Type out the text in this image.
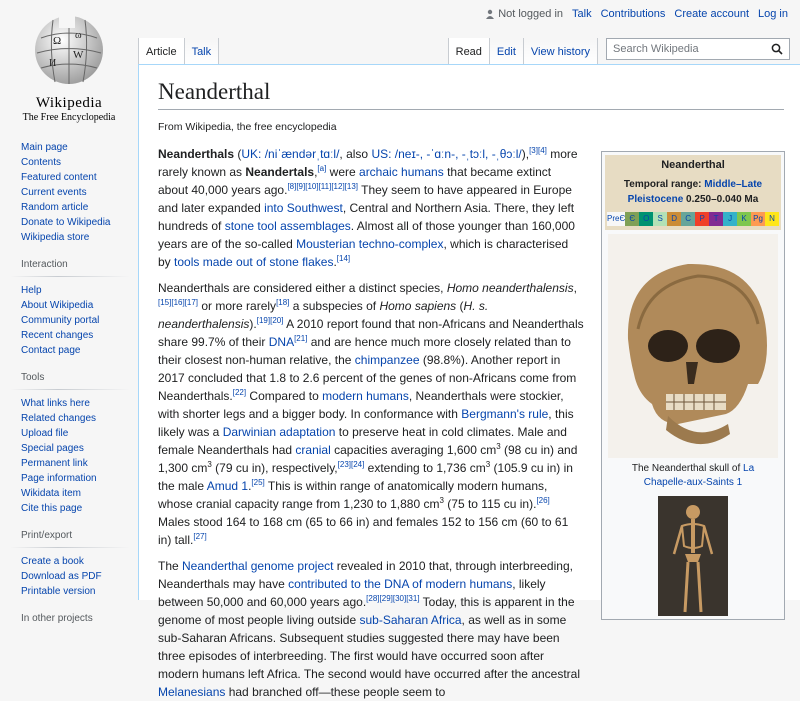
Ω
W
И
ω
Wikipedia
The Free Encyclopedia
Not logged in Talk Contributions Create account Log in
Article	Talk	Read	Edit	View history	Search Wikipedia
Main page
Contents
Featured content
Current events
Random article
Donate to Wikipedia
Wikipedia store
Interaction
Help
About Wikipedia
Community portal
Recent changes
Contact page
Tools
What links here
Related changes
Upload file
Special pages
Permanent link
Page information
Wikidata item
Cite this page
Print/export
Create a book
Download as PDF
Printable version
In other projects
Neanderthal
From Wikipedia, the free encyclopedia

Neanderthals (UK: /niˈændərˌtɑːl/, also US: /neɪ-, -ˈɑːn-, -ˌtɔːl, -ˌθɔːl/),[3][4] more rarely known as Neandertals,[a] were archaic humans that became extinct about 40,000 years ago.[8][9][10][11][12][13] They seem to have appeared in Europe and later expanded into Southwest, Central and Northern Asia. There, they left hundreds of stone tool assemblages. Almost all of those younger than 160,000 years are of the so-called Mousterian techno-complex, which is characterised by tools made out of stone flakes.[14]

Neanderthals are considered either a distinct species, Homo neanderthalensis,[15][16][17] or more rarely[18] a subspecies of Homo sapiens (H. s. neanderthalensis).[19][20] A 2010 report found that non-Africans and Neanderthals share 99.7% of their DNA[21] and are hence much more closely related than to their closest non-human relative, the chimpanzee (98.8%). Another report in 2017 concluded that 1.8 to 2.6 percent of the genes of non-Africans come from Neanderthals.[22] Compared to modern humans, Neanderthals were stockier, with shorter legs and a bigger body. In conformance with Bergmann's rule, this likely was a Darwinian adaptation to preserve heat in cold climates. Male and female Neanderthals had cranial capacities averaging 1,600 $cm^3$ (98 cu in) and 1,300 $cm^3$ (79 cu in), respectively,[23][24] extending to 1,736 $cm^3$ (105.9 cu in) in the male Amud 1.[25] This is within range of anatomically modern humans, whose cranial capacity range from 1,230 to 1,880 $cm^3$ (75 to 115 cu in).[26] Males stood 164 to 168 cm (65 to 66 in) and females 152 to 156 cm (60 to 61 in) tall.[27]

The Neanderthal genome project revealed in 2010 that, through interbreeding, Neanderthals may have contributed to the DNA of modern humans, likely between 50,000 and 60,000 years ago.[28][29][30][31] Today, this is apparent in the genome of most people living outside sub-Saharan Africa, as well as in some sub-Saharan Africans. Subsequent studies suggested there may have been three episodes of interbreeding. The first would have occurred soon after modern humans left Africa. The second would have occurred after the ancestral Melanesians had branched off—these people seem to

Neanderthal
Temporal range: Middle–Late Pleistocene 0.250–0.040 Ma
PreЄ Є	O	S	D	C	P	T	J	K Pg N
The Neanderthal skull of La Chapelle-aux-Saints 1
